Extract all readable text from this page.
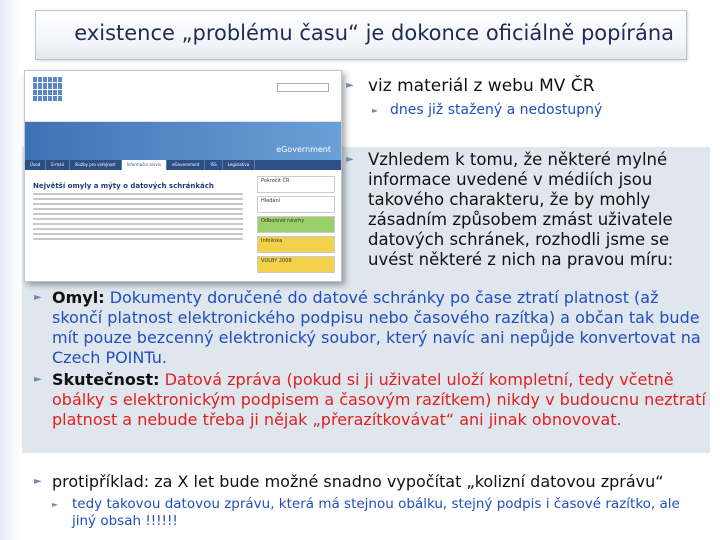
existence „problému času“ je dokonce oficiálně popírána
eGovernment
Úvod	E-mail	Služby pro veřejnost	Informační servis	eGovernment	ISS	Legislativa
Největší omyly a mýty o datových schránkách
Pokročit ČR
Hledání
Odborové návrhy
Infolinka
VOLBY 2009
► viz materiál z webu MV ČR
► dnes již stažený a nedostupný
► Vzhledem k tomu, že některé mylné informace uvedené v médiích jsou takového charakteru, že by mohly zásadním způsobem zmást uživatele datových schránek, rozhodli jsme se uvést některé z nich na pravou míru:
► Omyl: Dokumenty doručené do datové schránky po čase ztratí platnost (až skončí platnost elektronického podpisu nebo časového razítka) a občan tak bude mít pouze bezcenný elektronický soubor, který navíc ani nepůjde konvertovat na Czech POINTu.
► Skutečnost: Datová zpráva (pokud si ji uživatel uloží kompletní, tedy včetně obálky s elektronickým podpisem a časovým razítkem) nikdy v budoucnu neztratí platnost a nebude třeba ji nějak „přerazítkovávat“ ani jinak obnovovat.
► protipříklad: za X let bude možné snadno vypočítat „kolizní datovou zprávu“
► tedy takovou datovou zprávu, která má stejnou obálku, stejný podpis i časové razítko, ale jiný obsah !!!!!!
